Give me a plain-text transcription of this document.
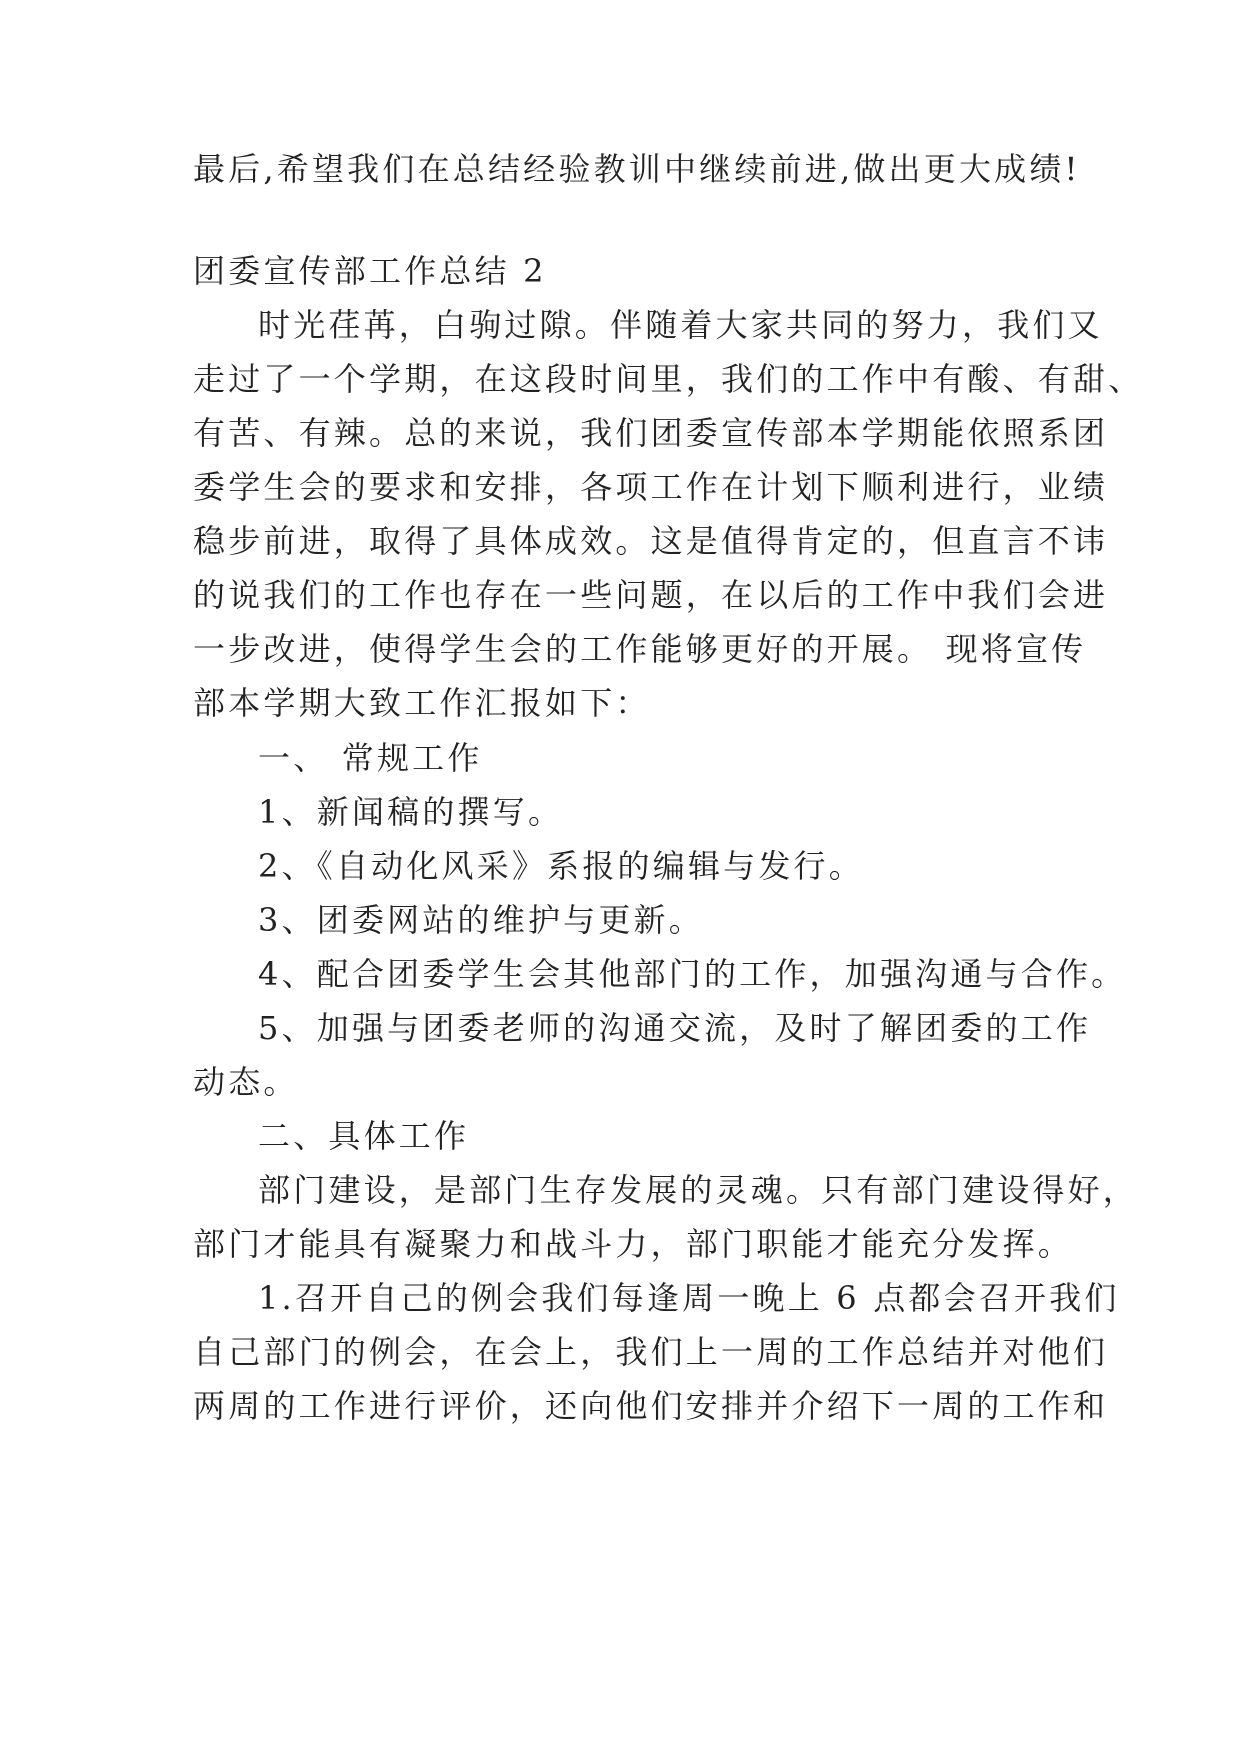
最后,希望我们在总结经验教训中继续前进,做出更大成绩!
团委宣传部工作总结 2
时光荏苒，白驹过隙。伴随着大家共同的努力，我们又
走过了一个学期，在这段时间里，我们的工作中有酸、有甜、
有苦、有辣。总的来说，我们团委宣传部本学期能依照系团
委学生会的要求和安排，各项工作在计划下顺利进行，业绩
稳步前进，取得了具体成效。这是值得肯定的，但直言不讳
的说我们的工作也存在一些问题，在以后的工作中我们会进
一步改进，使得学生会的工作能够更好的开展。 现将宣传
部本学期大致工作汇报如下：
一、 常规工作
1、新闻稿的撰写。
2、《自动化风采》系报的编辑与发行。
3、团委网站的维护与更新。
4、配合团委学生会其他部门的工作，加强沟通与合作。
5、加强与团委老师的沟通交流，及时了解团委的工作
动态。
二、具体工作
部门建设，是部门生存发展的灵魂。只有部门建设得好，
部门才能具有凝聚力和战斗力，部门职能才能充分发挥。
1.召开自己的例会我们每逢周一晚上 6 点都会召开我们
自己部门的例会，在会上，我们上一周的工作总结并对他们
两周的工作进行评价，还向他们安排并介绍下一周的工作和
